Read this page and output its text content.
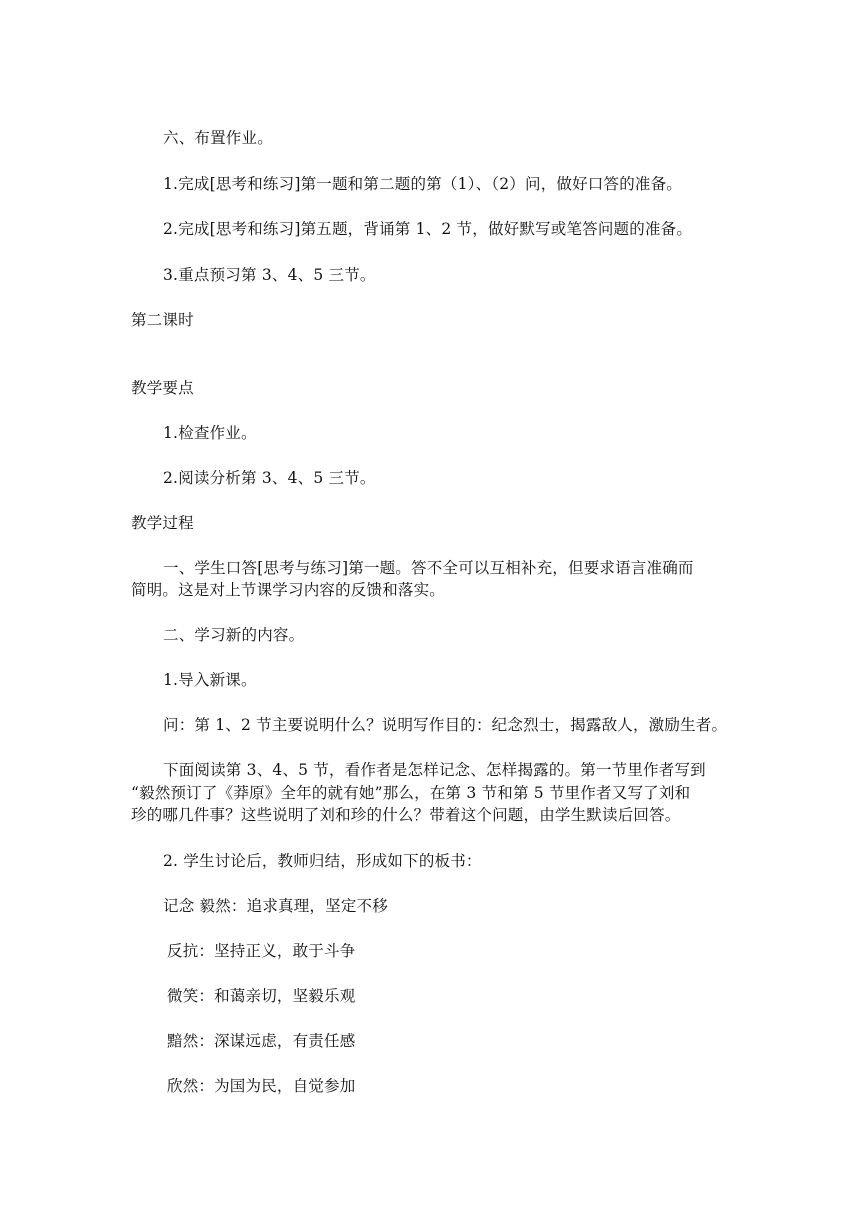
六、布置作业。
1.完成[思考和练习]第一题和第二题的第（1）、（2）问，做好口答的准备。
2.完成[思考和练习]第五题，背诵第 1、2 节，做好默写或笔答问题的准备。
3.重点预习第 3、4、5 三节。
第二课时
教学要点
1.检查作业。
2.阅读分析第 3、4、5 三节。
教学过程
一、学生口答[思考与练习]第一题。答不全可以互相补充，但要求语言准确而
简明。这是对上节课学习内容的反馈和落实。
二、学习新的内容。
1.导入新课。
问：第 1、2 节主要说明什么？说明写作目的：纪念烈士，揭露敌人，激励生者。
下面阅读第 3、4、5 节，看作者是怎样记念、怎样揭露的。第一节里作者写到
“毅然预订了《莽原》全年的就有她”那么，在第 3 节和第 5 节里作者又写了刘和
珍的哪几件事？这些说明了刘和珍的什么？带着这个问题，由学生默读后回答。
2. 学生讨论后，教师归结，形成如下的板书：
记念 毅然：追求真理，坚定不移
反抗：坚持正义，敢于斗争
微笑：和蔼亲切，坚毅乐观
黯然：深谋远虑，有责任感
欣然：为国为民，自觉参加
